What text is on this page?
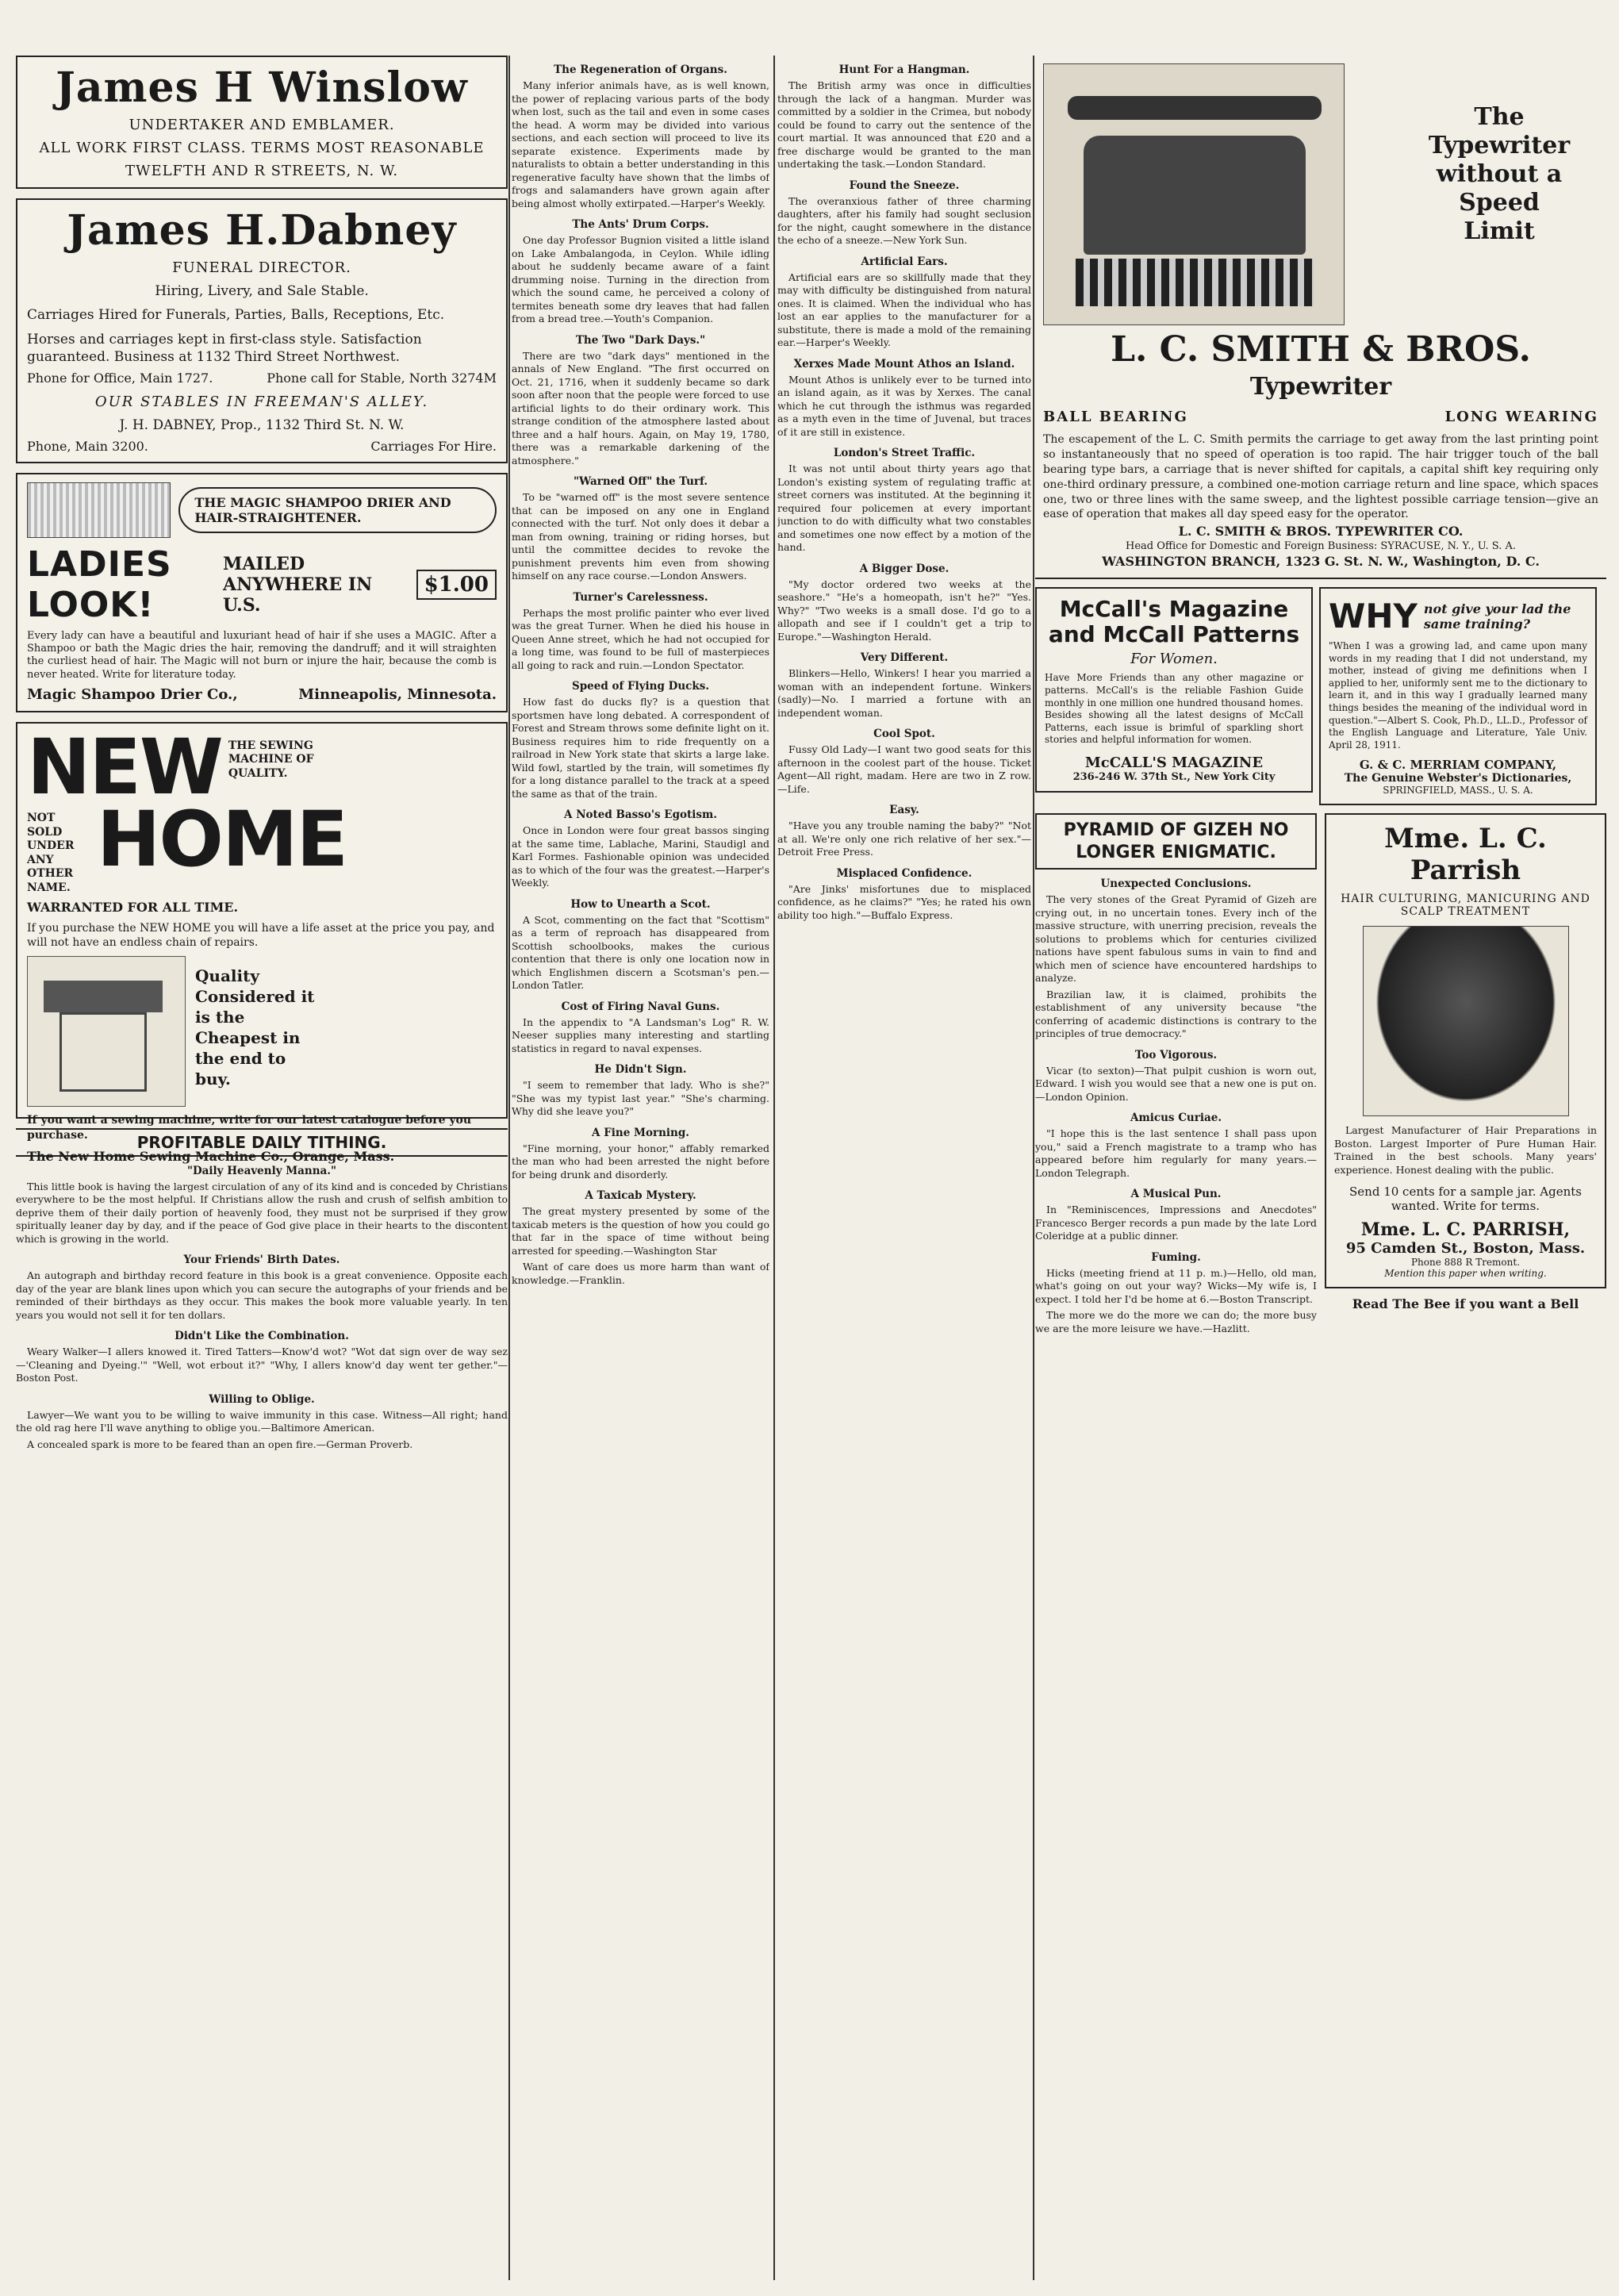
James H Winslow
UNDERTAKER AND EMBLAMER.
ALL WORK FIRST CLASS. TERMS MOST REASONABLE
TWELFTH AND R STREETS, N. W.
James H.Dabney
FUNERAL DIRECTOR.
Hiring, Livery, and Sale Stable.
Carriages Hired for Funerals, Parties, Balls, Receptions, Etc.
Horses and carriages kept in first-class style. Satisfaction guaranteed. Business at 1132 Third Street Northwest.
Phone for Office, Main 1727.	Phone call for Stable, North 3274M
OUR STABLES IN FREEMAN'S ALLEY.
J. H. DABNEY, Prop., 1132 Third St. N. W.
Phone, Main 3200.	Carriages For Hire.
THE MAGIC SHAMPOO DRIER AND HAIR-STRAIGHTENER.
LADIES LOOK!
MAILED ANYWHERE IN U.S.
$1.00
Every lady can have a beautiful and luxuriant head of hair if she uses a MAGIC. After a Shampoo or bath the Magic dries the hair, removing the dandruff; and it will straighten the curliest head of hair. The Magic will not burn or injure the hair, because the comb is never heated. Write for literature today.
Magic Shampoo Drier Co.,	Minneapolis, Minnesota.
NEW THE SEWING MACHINE OF QUALITY.
NOT SOLD UNDER ANY OTHER NAME.
HOME
WARRANTED FOR ALL TIME.
If you purchase the NEW HOME you will have a life asset at the price you pay, and will not have an endless chain of repairs.
Quality Considered it is the Cheapest in the end to buy.
If you want a sewing machine, write for our latest catalogue before you purchase.
The New Home Sewing Machine Co., Orange, Mass.
PROFITABLE DAILY TITHING.
"Daily Heavenly Manna."

This little book is having the largest circulation of any of its kind and is conceded by Christians everywhere to be the most helpful. If Christians allow the rush and crush of selfish ambition to deprive them of their daily portion of heavenly food, they must not be surprised if they grow spiritually leaner day by day, and if the peace of God give place in their hearts to the discontent which is growing in the world.

Your Friends' Birth Dates.

An autograph and birthday record feature in this book is a great convenience. Opposite each day of the year are blank lines upon which you can secure the autographs of your friends and be reminded of their birthdays as they occur. This makes the book more valuable yearly. In ten years you would not sell it for ten dollars.

Didn't Like the Combination.

Weary Walker—I allers knowed it. Tired Tatters—Know'd wot? "Wot dat sign over de way sez—'Cleaning and Dyeing.'" "Well, wot erbout it?" "Why, I allers know'd day went ter gether."—Boston Post.

Willing to Oblige.

Lawyer—We want you to be willing to waive immunity in this case. Witness—All right; hand the old rag here I'll wave anything to oblige you.—Baltimore American.

A concealed spark is more to be feared than an open fire.—German Proverb.

The Regeneration of Organs.

Many inferior animals have, as is well known, the power of replacing various parts of the body when lost, such as the tail and even in some cases the head. A worm may be divided into various sections, and each section will proceed to live its separate existence. Experiments made by naturalists to obtain a better understanding in this regenerative faculty have shown that the limbs of frogs and salamanders have grown again after being almost wholly extirpated.—Harper's Weekly.

The Ants' Drum Corps.

One day Professor Bugnion visited a little island on Lake Ambalangoda, in Ceylon. While idling about he suddenly became aware of a faint drumming noise. Turning in the direction from which the sound came, he perceived a colony of termites beneath some dry leaves that had fallen from a bread tree.—Youth's Companion.

The Two "Dark Days."

There are two "dark days" mentioned in the annals of New England. "The first occurred on Oct. 21, 1716, when it suddenly became so dark soon after noon that the people were forced to use artificial lights to do their ordinary work. This strange condition of the atmosphere lasted about three and a half hours. Again, on May 19, 1780, there was a remarkable darkening of the atmosphere."

"Warned Off" the Turf.

To be "warned off" is the most severe sentence that can be imposed on any one in England connected with the turf. Not only does it debar a man from owning, training or riding horses, but until the committee decides to revoke the punishment prevents him even from showing himself on any race course.—London Answers.

Turner's Carelessness.

Perhaps the most prolific painter who ever lived was the great Turner. When he died his house in Queen Anne street, which he had not occupied for a long time, was found to be full of masterpieces all going to rack and ruin.—London Spectator.

Speed of Flying Ducks.

How fast do ducks fly? is a question that sportsmen have long debated. A correspondent of Forest and Stream throws some definite light on it. Business requires him to ride frequently on a railroad in New York state that skirts a large lake. Wild fowl, startled by the train, will sometimes fly for a long distance parallel to the track at a speed the same as that of the train.

A Noted Basso's Egotism.

Once in London were four great bassos singing at the same time, Lablache, Marini, Staudigl and Karl Formes. Fashionable opinion was undecided as to which of the four was the greatest.—Harper's Weekly.

How to Unearth a Scot.

A Scot, commenting on the fact that "Scottism" as a term of reproach has disappeared from Scottish schoolbooks, makes the curious contention that there is only one location now in which Englishmen discern a Scotsman's pen.—London Tatler.

Cost of Firing Naval Guns.

In the appendix to "A Landsman's Log" R. W. Neeser supplies many interesting and startling statistics in regard to naval expenses.

He Didn't Sign.

"I seem to remember that lady. Who is she?" "She was my typist last year." "She's charming. Why did she leave you?"

A Fine Morning.

"Fine morning, your honor," affably remarked the man who had been arrested the night before for being drunk and disorderly.

A Taxicab Mystery.

The great mystery presented by some of the taxicab meters is the question of how you could go that far in the space of time without being arrested for speeding.—Washington Star

Want of care does us more harm than want of knowledge.—Franklin.

Hunt For a Hangman.

The British army was once in difficulties through the lack of a hangman. Murder was committed by a soldier in the Crimea, but nobody could be found to carry out the sentence of the court martial. It was announced that £20 and a free discharge would be granted to the man undertaking the task.—London Standard.

Found the Sneeze.

The overanxious father of three charming daughters, after his family had sought seclusion for the night, caught somewhere in the distance the echo of a sneeze.—New York Sun.

Artificial Ears.

Artificial ears are so skillfully made that they may with difficulty be distinguished from natural ones. It is claimed. When the individual who has lost an ear applies to the manufacturer for a substitute, there is made a mold of the remaining ear.—Harper's Weekly.

Xerxes Made Mount Athos an Island.

Mount Athos is unlikely ever to be turned into an island again, as it was by Xerxes. The canal which he cut through the isthmus was regarded as a myth even in the time of Juvenal, but traces of it are still in existence.

London's Street Traffic.

It was not until about thirty years ago that London's existing system of regulating traffic at street corners was instituted. At the beginning it required four policemen at every important junction to do with difficulty what two constables and sometimes one now effect by a motion of the hand.

A Bigger Dose.

"My doctor ordered two weeks at the seashore." "He's a homeopath, isn't he?" "Yes. Why?" "Two weeks is a small dose. I'd go to a allopath and see if I couldn't get a trip to Europe."—Washington Herald.

Very Different.

Blinkers—Hello, Winkers! I hear you married a woman with an independent fortune. Winkers (sadly)—No. I married a fortune with an independent woman.

Cool Spot.

Fussy Old Lady—I want two good seats for this afternoon in the coolest part of the house. Ticket Agent—All right, madam. Here are two in Z row.—Life.

Easy.

"Have you any trouble naming the baby?" "Not at all. We're only one rich relative of her sex."—Detroit Free Press.

Misplaced Confidence.

"Are Jinks' misfortunes due to misplaced confidence, as he claims?" "Yes; he rated his own ability too high."—Buffalo Express.

The Typewriter without a Speed Limit
L. C. SMITH & BROS.
Typewriter
BALL BEARING	LONG WEARING
The escapement of the L. C. Smith permits the carriage to get away from the last printing point so instantaneously that no speed of operation is too rapid. The hair trigger touch of the ball bearing type bars, a carriage that is never shifted for capitals, a capital shift key requiring only one-third ordinary pressure, a combined one-motion carriage return and line space, which spaces one, two or three lines with the same sweep, and the lightest possible carriage tension—give an ease of operation that makes all day speed easy for the operator.
L. C. SMITH & BROS. TYPEWRITER CO.
Head Office for Domestic and Foreign Business: SYRACUSE, N. Y., U. S. A.
WASHINGTON BRANCH, 1323 G. St. N. W., Washington, D. C.
McCall's Magazine and McCall Patterns
For Women.
Have More Friends than any other magazine or patterns. McCall's is the reliable Fashion Guide monthly in one million one hundred thousand homes. Besides showing all the latest designs of McCall Patterns, each issue is brimful of sparkling short stories and helpful information for women.
McCALL'S MAGAZINE
236-246 W. 37th St., New York City
WHY not give your lad the same training?
"When I was a growing lad, and came upon many words in my reading that I did not understand, my mother, instead of giving me definitions when I applied to her, uniformly sent me to the dictionary to learn it, and in this way I gradually learned many things besides the meaning of the individual word in question."—Albert S. Cook, Ph.D., LL.D., Professor of the English Language and Literature, Yale Univ. April 28, 1911.
G. & C. MERRIAM COMPANY,
The Genuine Webster's Dictionaries,
SPRINGFIELD, MASS., U. S. A.
PYRAMID OF GIZEH NO LONGER ENIGMATIC.
Unexpected Conclusions.

The very stones of the Great Pyramid of Gizeh are crying out, in no uncertain tones. Every inch of the massive structure, with unerring precision, reveals the solutions to problems which for centuries civilized nations have spent fabulous sums in vain to find and which men of science have encountered hardships to analyze.

Brazilian law, it is claimed, prohibits the establishment of any university because "the conferring of academic distinctions is contrary to the principles of true democracy."

Too Vigorous.

Vicar (to sexton)—That pulpit cushion is worn out, Edward. I wish you would see that a new one is put on.—London Opinion.

Amicus Curiae.

"I hope this is the last sentence I shall pass upon you," said a French magistrate to a tramp who has appeared before him regularly for many years.—London Telegraph.

A Musical Pun.

In "Reminiscences, Impressions and Anecdotes" Francesco Berger records a pun made by the late Lord Coleridge at a public dinner.

Fuming.

Hicks (meeting friend at 11 p. m.)—Hello, old man, what's going on out your way? Wicks—My wife is, I expect. I told her I'd be home at 6.—Boston Transcript.

The more we do the more we can do; the more busy we are the more leisure we have.—Hazlitt.

Mme. L. C. Parrish
HAIR CULTURING, MANICURING AND SCALP TREATMENT

Largest Manufacturer of Hair Preparations in Boston. Largest Importer of Pure Human Hair. Trained in the best schools. Many years' experience. Honest dealing with the public.

Send 10 cents for a sample jar. Agents wanted. Write for terms.
Mme. L. C. PARRISH,
95 Camden St., Boston, Mass.
Phone 888 R Tremont.
Mention this paper when writing.
Read The Bee if you want a Bell
